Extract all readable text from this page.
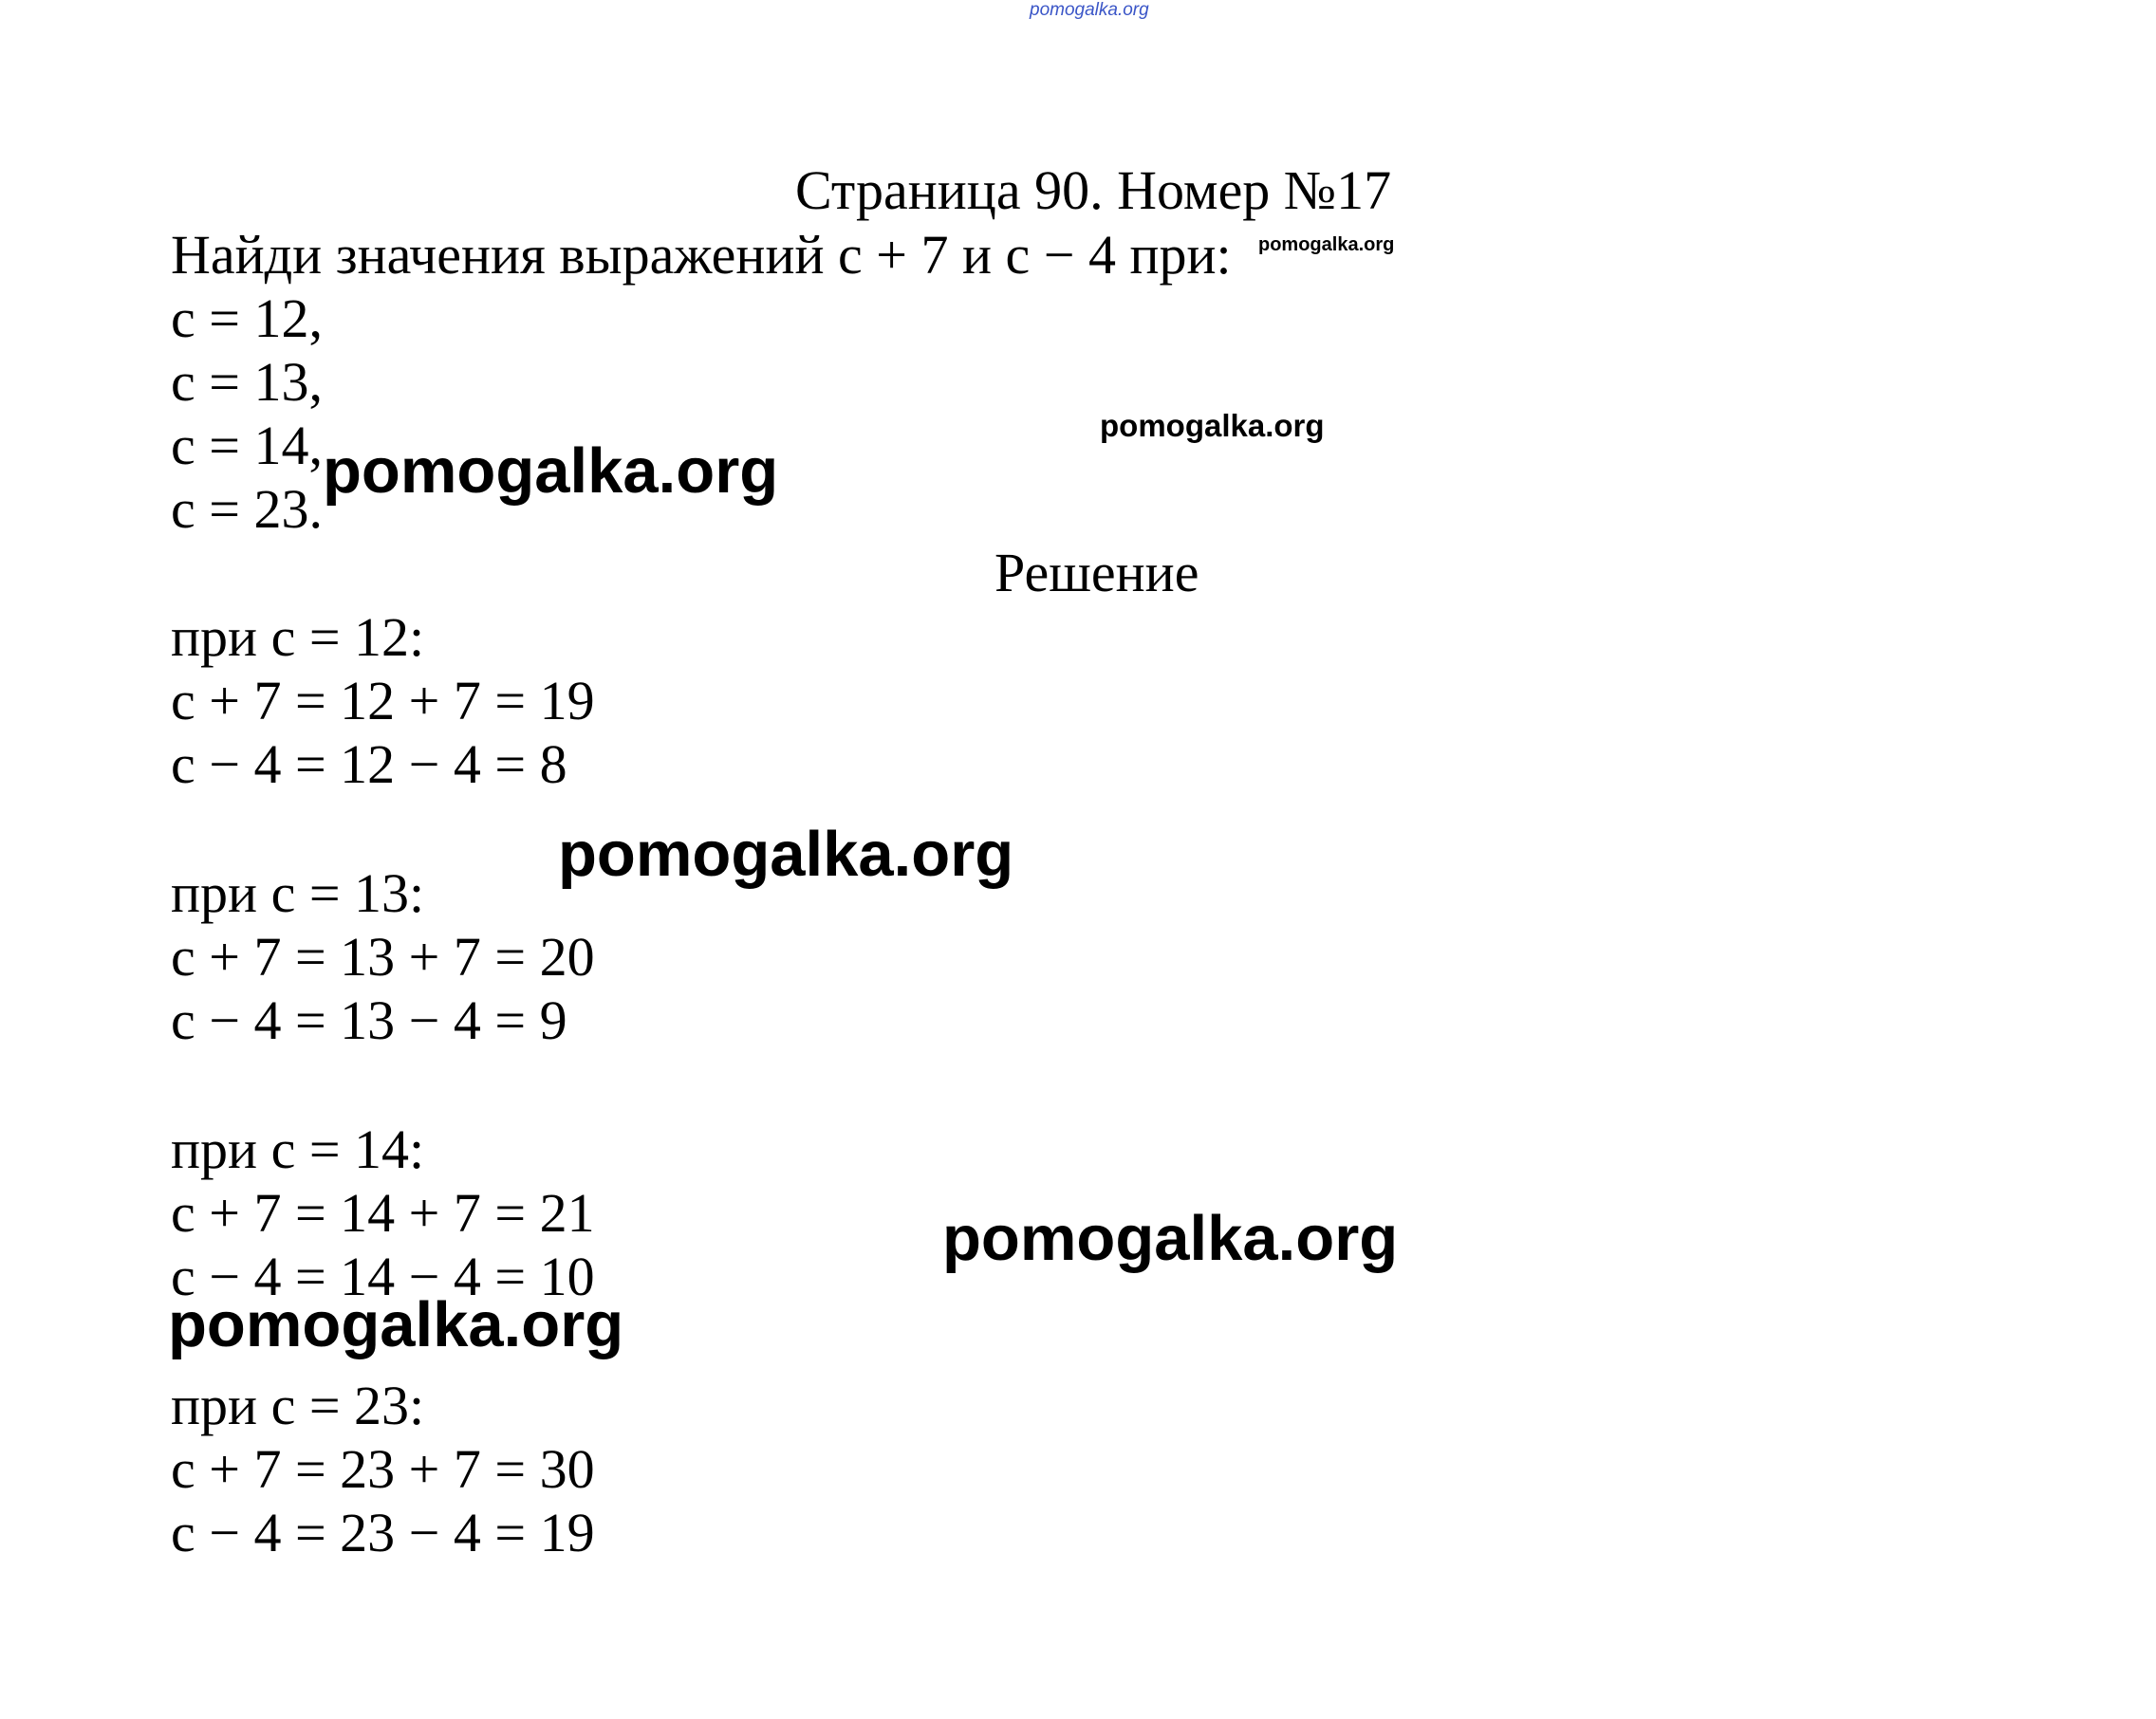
pomogalka.org
Страница 90. Номер №17
Найди значения выражений с + 7 и с − 4 при: pomogalka.org
с = 12,
с = 13,
с = 14,
с = 23.
pomogalka.org
pomogalka.org
Решение
при с = 12:
с + 7 = 12 + 7 = 19
с − 4 = 12 − 4 = 8
pomogalka.org
при с = 13:
с + 7 = 13 + 7 = 20
с − 4 = 13 − 4 = 9
при с = 14:
с + 7 = 14 + 7 = 21
с − 4 = 14 − 4 = 10
pomogalka.org
pomogalka.org
при с = 23:
с + 7 = 23 + 7 = 30
с − 4 = 23 − 4 = 19
